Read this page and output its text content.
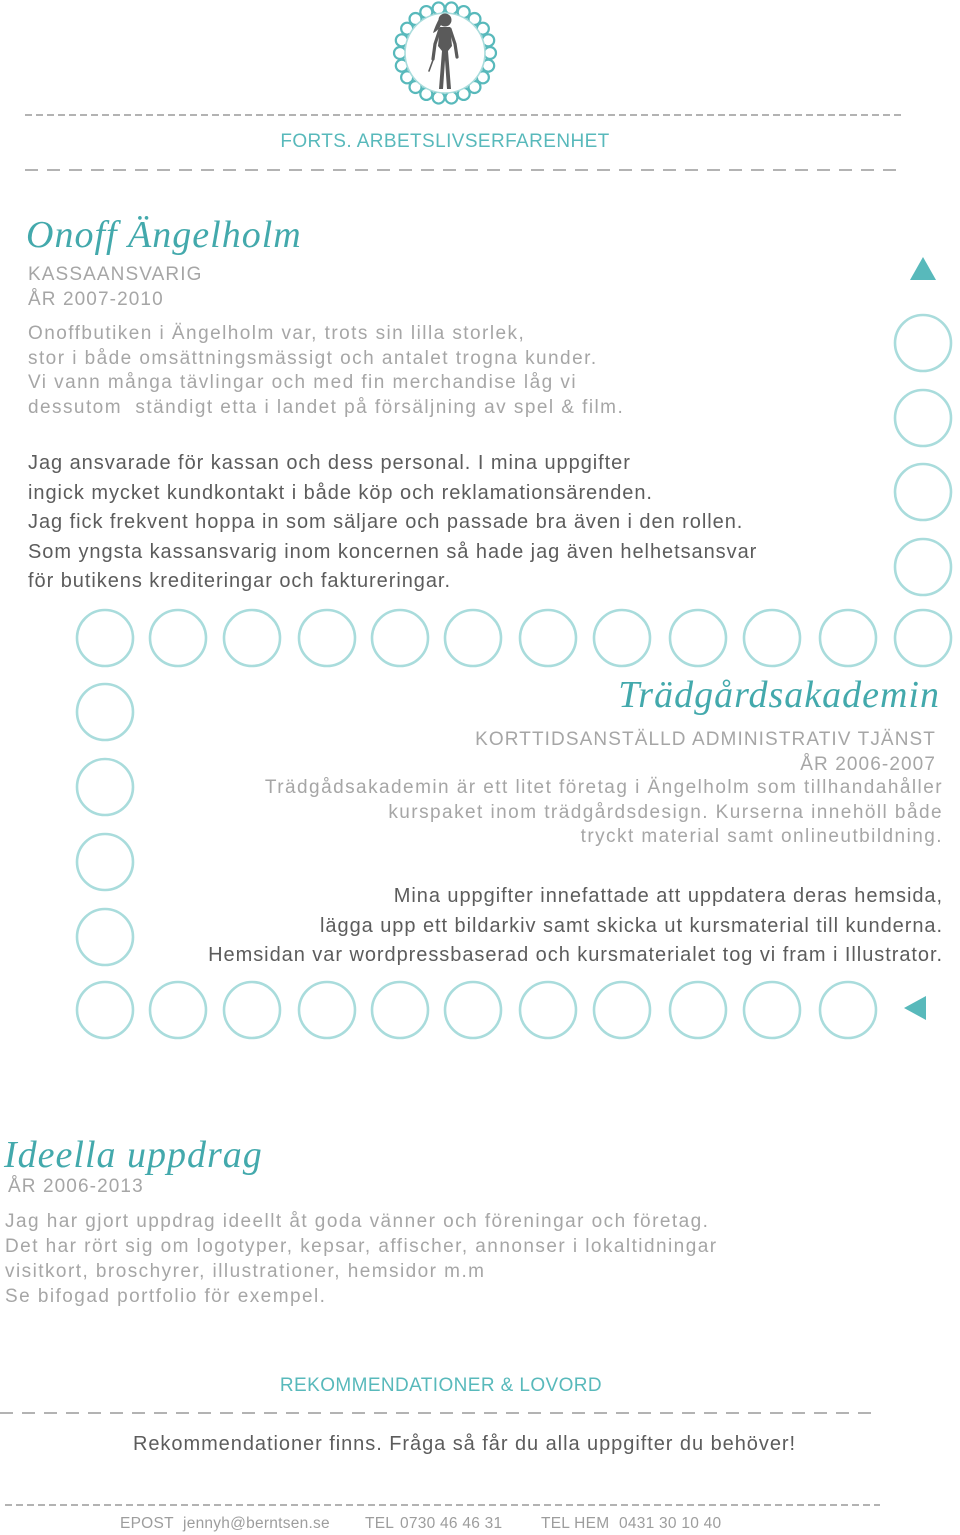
FORTS. ARBETSLIVSERFARENHET
Onoff Ängelholm
KASSAANSVARIG
ÅR 2007-2010
Onoffbutiken i Ängelholm var, trots sin lilla storlek,
stor i både omsättningsmässigt och antalet trogna kunder.
Vi vann många tävlingar och med fin merchandise låg vi
dessutom  ständigt etta i landet på försäljning av spel & film.
Jag ansvarade för kassan och dess personal. I mina uppgifter
ingick mycket kundkontakt i både köp och reklamationsärenden.
Jag fick frekvent hoppa in som säljare och passade bra även i den rollen.
Som yngsta kassansvarig inom koncernen så hade jag även helhetsansvar
för butikens krediteringar och faktureringar.
Trädgårdsakademin
KORTTIDSANSTÄLLD ADMINISTRATIV TJÄNST
ÅR 2006-2007
Trädgådsakademin är ett litet företag i Ängelholm som tillhandahåller
kurspaket inom trädgårdsdesign. Kurserna innehöll både
tryckt material samt onlineutbildning.
Mina uppgifter innefattade att uppdatera deras hemsida,
lägga upp ett bildarkiv samt skicka ut kursmaterial till kunderna.
Hemsidan var wordpressbaserad och kursmaterialet tog vi fram i Illustrator.
Ideella uppdrag
ÅR 2006-2013
Jag har gjort uppdrag ideellt åt goda vänner och föreningar och företag.
Det har rört sig om logotyper, kepsar, affischer, annonser i lokaltidningar
visitkort, broschyrer, illustrationer, hemsidor m.m
Se bifogad portfolio för exempel.
REKOMMENDATIONER & LOVORD
Rekommendationer finns. Fråga så får du alla uppgifter du behöver!
EPOST jennyh@berntsen.se TEL 0730 46 46 31 TEL HEM 0431 30 10 40
